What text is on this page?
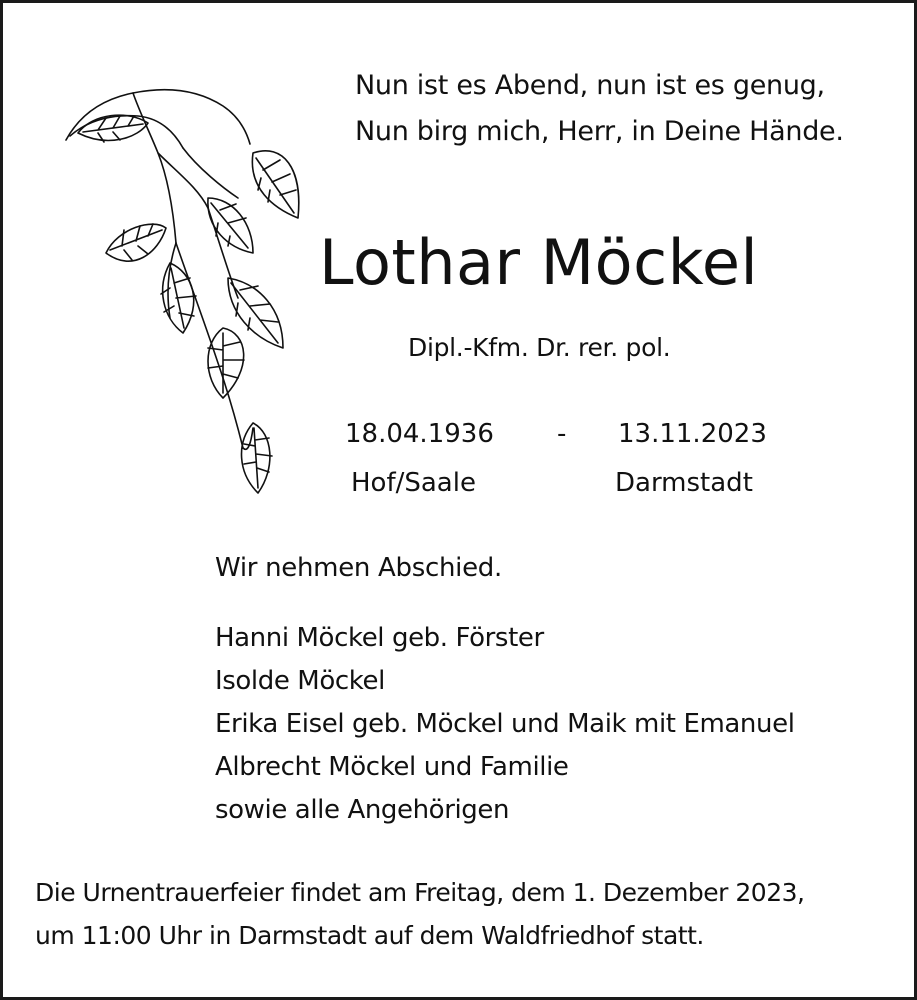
Nun ist es Abend, nun ist es genug,
Nun birg mich, Herr, in Deine Hände.
Lothar Möckel
Dipl.-Kfm. Dr. rer. pol.
18.04.1936 - 13.11.2023
Hof/Saale	Darmstadt
Wir nehmen Abschied.
Hanni Möckel geb. Förster
Isolde Möckel
Erika Eisel geb. Möckel und Maik mit Emanuel
Albrecht Möckel und Familie
sowie alle Angehörigen
Die Urnentrauerfeier findet am Freitag, dem 1. Dezember 2023,
um 11:00 Uhr in Darmstadt auf dem Waldfriedhof statt.
